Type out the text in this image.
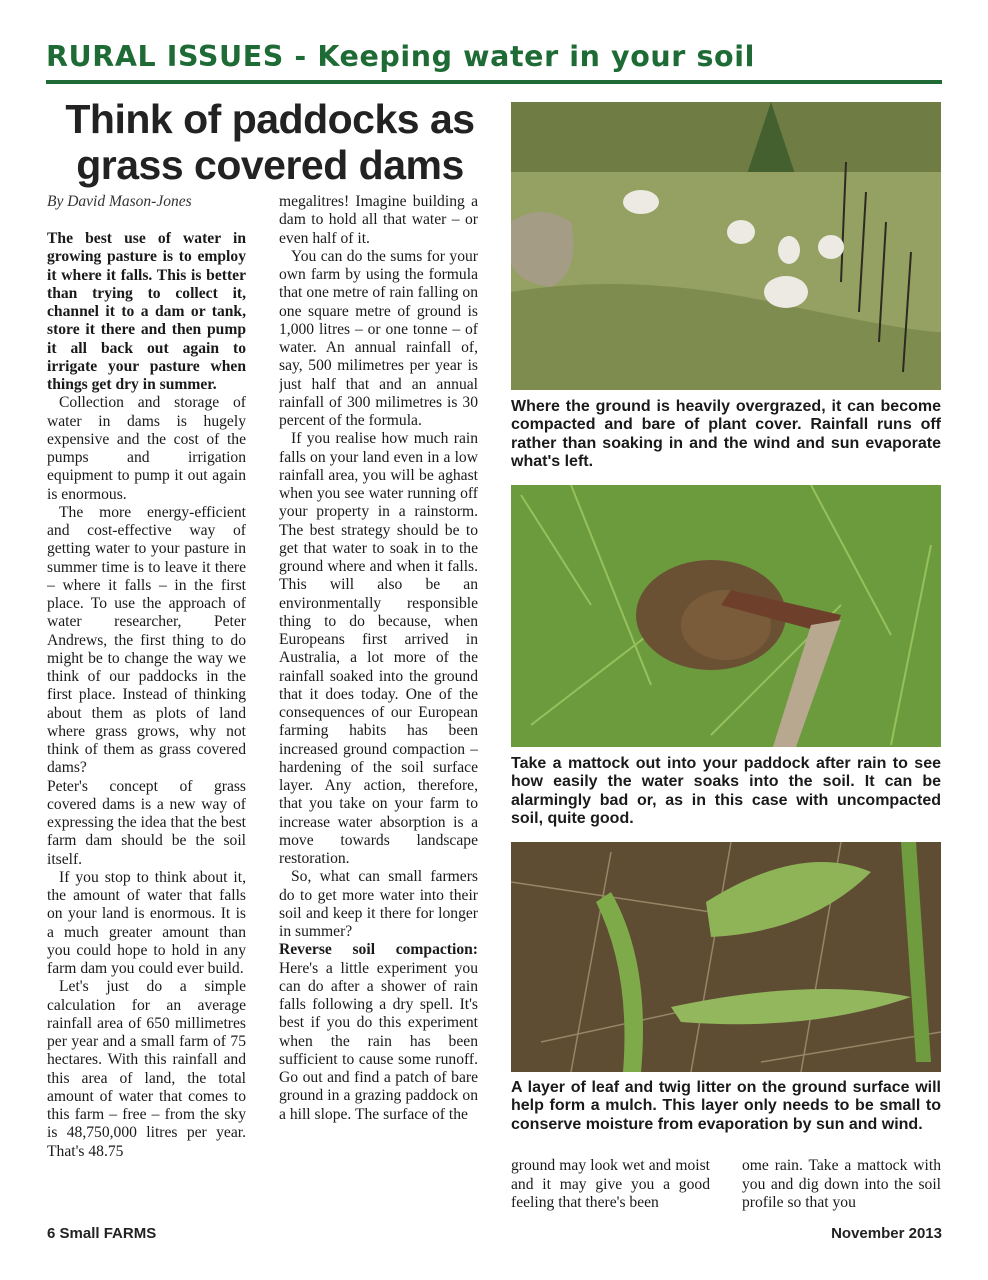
RURAL ISSUES - Keeping water in your soil
Think of paddocks as grass covered dams
By David Mason-Jones

The best use of water in growing pasture is to employ it where it falls. This is better than trying to collect it, channel it to a dam or tank, store it there and then pump it all back out again to irrigate your pasture when things get dry in summer.

Collection and storage of water in dams is hugely expensive and the cost of the pumps and irrigation equipment to pump it out again is enormous.

The more energy-efficient and cost-effective way of getting water to your pasture in summer time is to leave it there – where it falls – in the first place. To use the approach of water researcher, Peter Andrews, the first thing to do might be to change the way we think of our paddocks in the first place. Instead of thinking about them as plots of land where grass grows, why not think of them as grass covered dams?

Peter's concept of grass covered dams is a new way of expressing the idea that the best farm dam should be the soil itself.

If you stop to think about it, the amount of water that falls on your land is enormous. It is a much greater amount than you could hope to hold in any farm dam you could ever build.

Let's just do a simple calculation for an average rainfall area of 650 millimetres per year and a small farm of 75 hectares. With this rainfall and this area of land, the total amount of water that comes to this farm – free – from the sky is 48,750,000 litres per year. That's 48.75

megalitres! Imagine building a dam to hold all that water – or even half of it.

You can do the sums for your own farm by using the formula that one metre of rain falling on one square metre of ground is 1,000 litres – or one tonne – of water. An annual rainfall of, say, 500 milimetres per year is just half that and an annual rainfall of 300 milimetres is 30 percent of the formula.

If you realise how much rain falls on your land even in a low rainfall area, you will be aghast when you see water running off your property in a rainstorm. The best strategy should be to get that water to soak in to the ground where and when it falls. This will also be an environmentally responsible thing to do because, when Europeans first arrived in Australia, a lot more of the rainfall soaked into the ground that it does today. One of the consequences of our European farming habits has been increased ground compaction – hardening of the soil surface layer. Any action, therefore, that you take on your farm to increase water absorption is a move towards landscape restoration.

So, what can small farmers do to get more water into their soil and keep it there for longer in summer?

Reverse soil compaction: Here's a little experiment you can do after a shower of rain falls following a dry spell. It's best if you do this experiment when the rain has been sufficient to cause some runoff. Go out and find a patch of bare ground in a grazing paddock on a hill slope. The surface of the

Where the ground is heavily overgrazed, it can become compacted and bare of plant cover. Rainfall runs off rather than soaking in and the wind and sun evaporate what's left.
Take a mattock out into your paddock after rain to see how easily the water soaks into the soil. It can be alarmingly bad or, as in this case with uncompacted soil, quite good.
A layer of leaf and twig litter on the ground surface will help form a mulch. This layer only needs to be small to conserve moisture from evaporation by sun and wind.

ground may look wet and moist and it may give you a good feeling that there's been

ome rain. Take a mattock with you and dig down into the soil profile so that you

6 Small FARMS	November 2013
